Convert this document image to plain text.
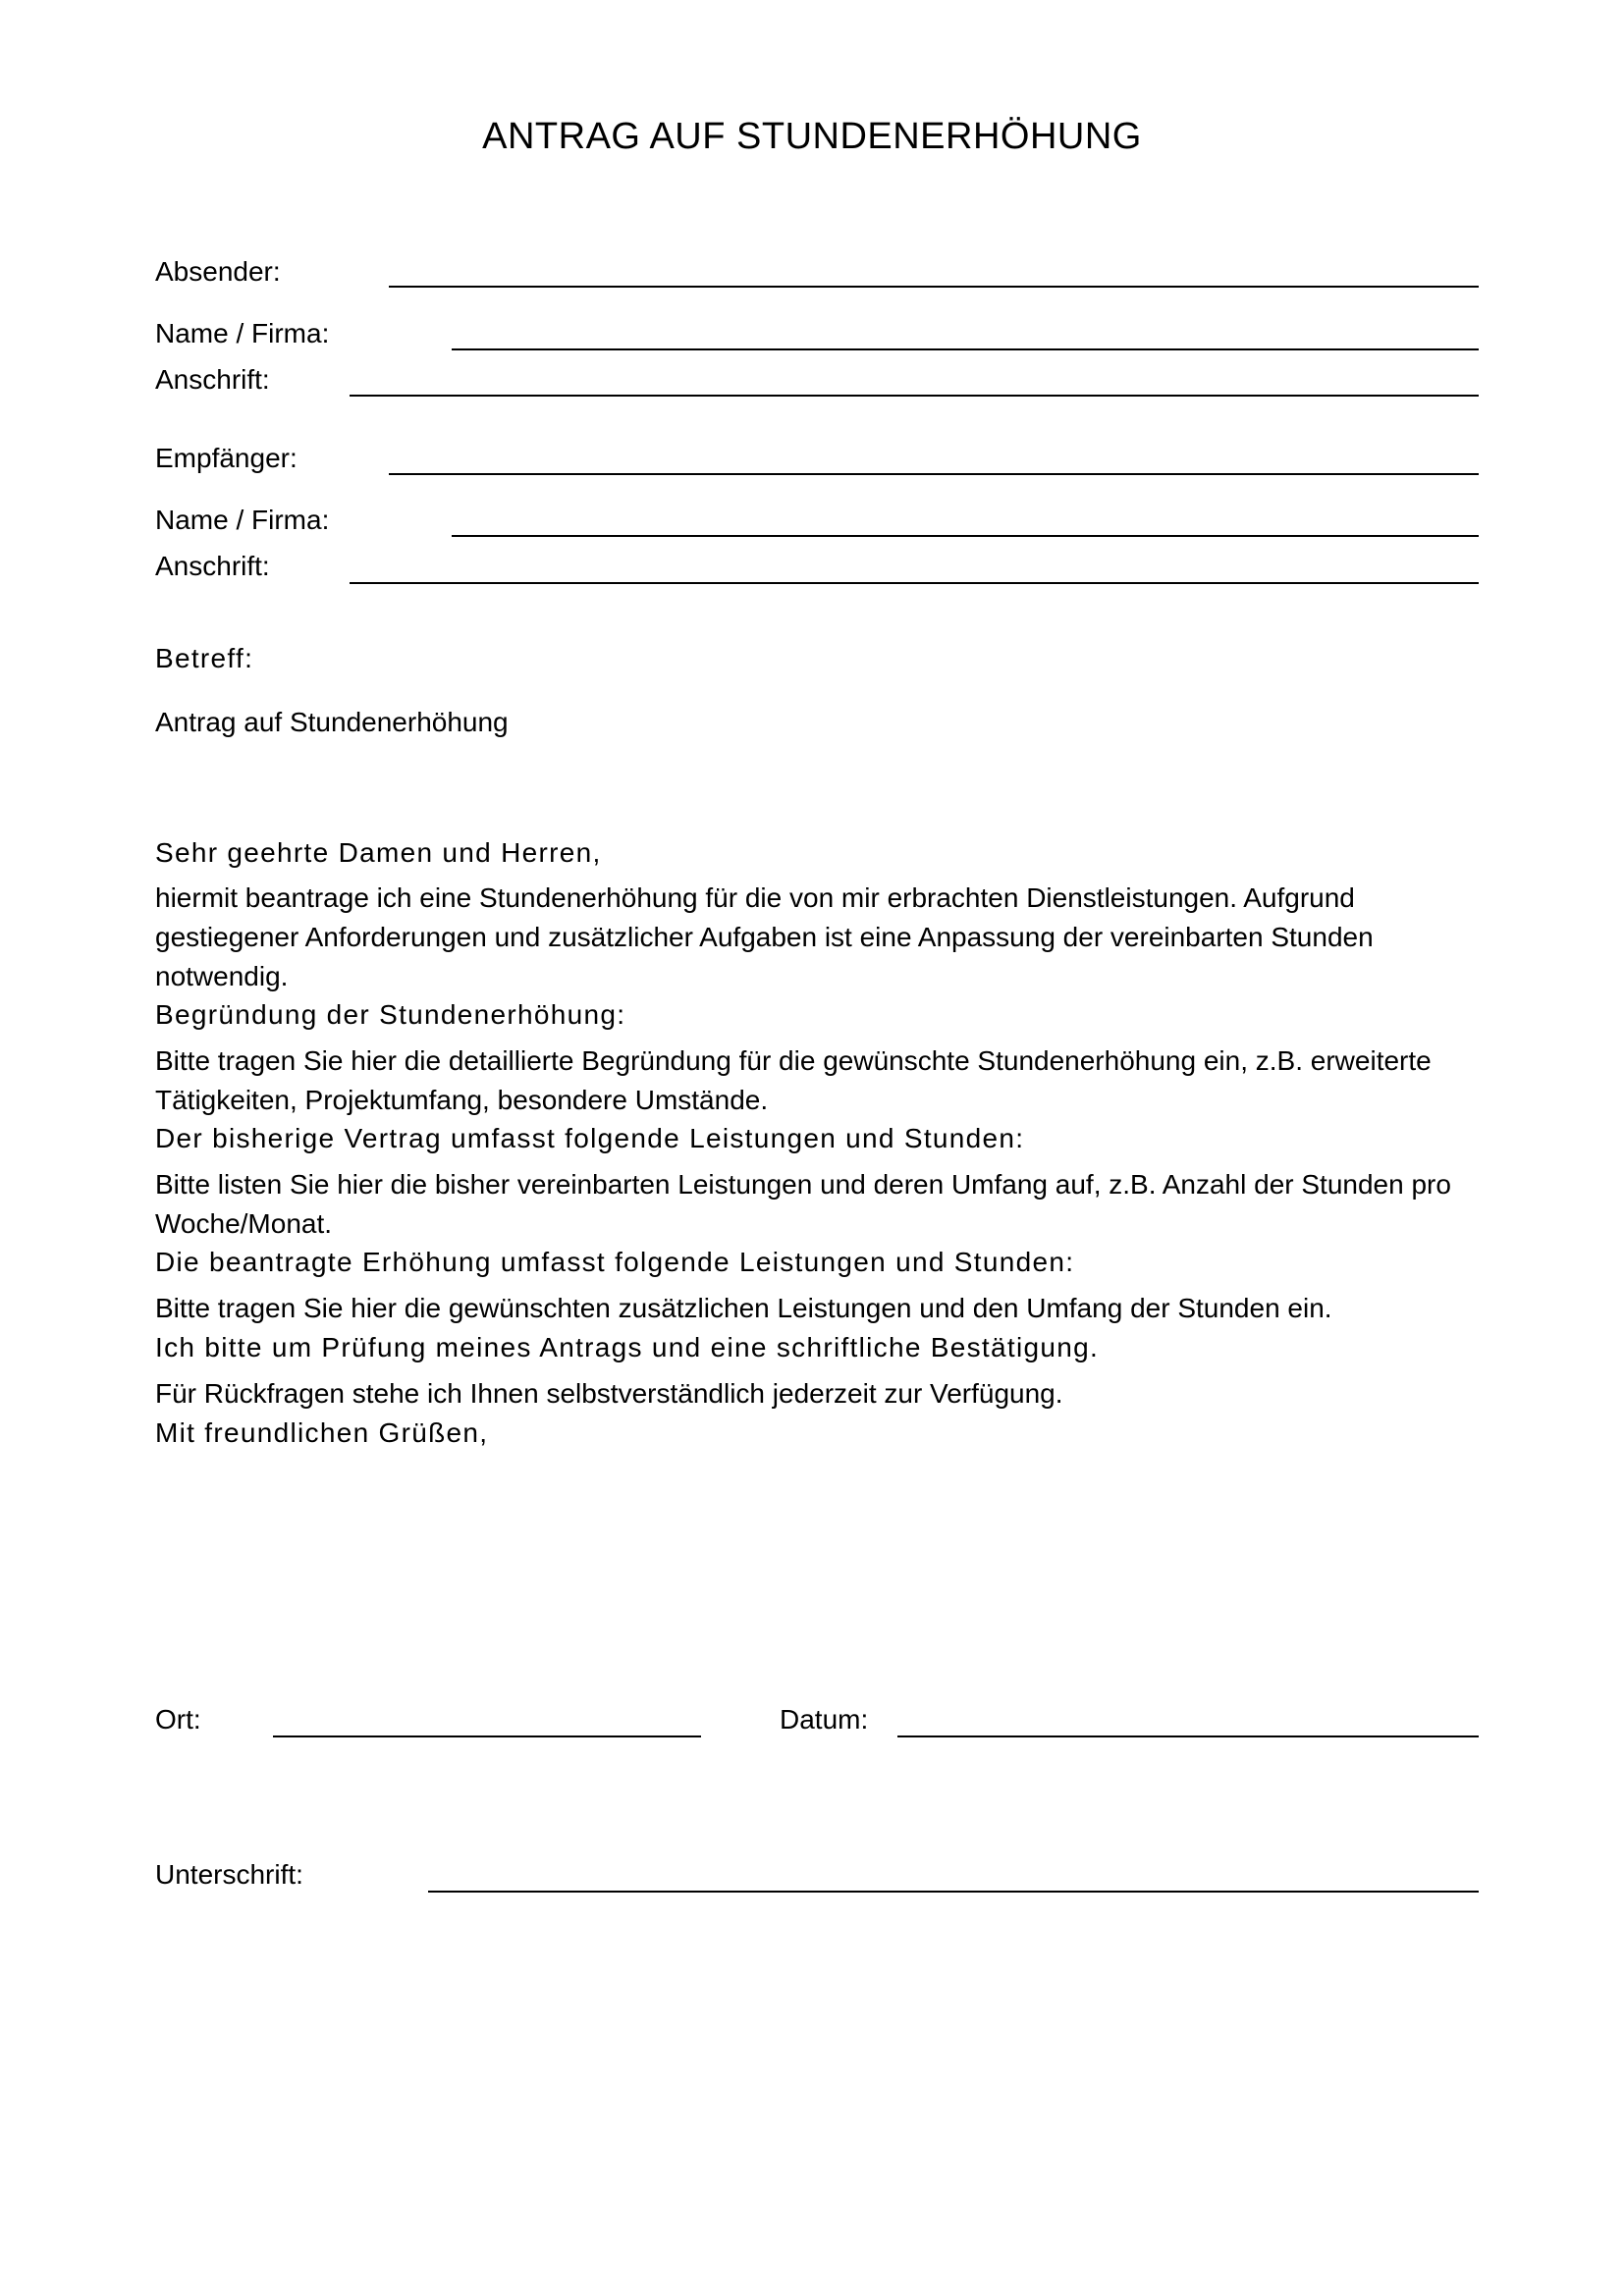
ANTRAG AUF STUNDENERHÖHUNG
Absender:
Name / Firma:
Anschrift:
Empfänger:
Name / Firma:
Anschrift:
Betreff:
Antrag auf Stundenerhöhung
Sehr geehrte Damen und Herren,
hiermit beantrage ich eine Stundenerhöhung für die von mir erbrachten Dienstleistungen. Aufgrund gestiegener Anforderungen und zusätzlicher Aufgaben ist eine Anpassung der vereinbarten Stunden notwendig.
Begründung der Stundenerhöhung:
Bitte tragen Sie hier die detaillierte Begründung für die gewünschte Stundenerhöhung ein, z.B. erweiterte Tätigkeiten, Projektumfang, besondere Umstände.
Der bisherige Vertrag umfasst folgende Leistungen und Stunden:
Bitte listen Sie hier die bisher vereinbarten Leistungen und deren Umfang auf, z.B. Anzahl der Stunden pro Woche/Monat.
Die beantragte Erhöhung umfasst folgende Leistungen und Stunden:
Bitte tragen Sie hier die gewünschten zusätzlichen Leistungen und den Umfang der Stunden ein.
Ich bitte um Prüfung meines Antrags und eine schriftliche Bestätigung.
Für Rückfragen stehe ich Ihnen selbstverständlich jederzeit zur Verfügung.
Mit freundlichen Grüßen,
Ort:	Datum:
Unterschrift:
